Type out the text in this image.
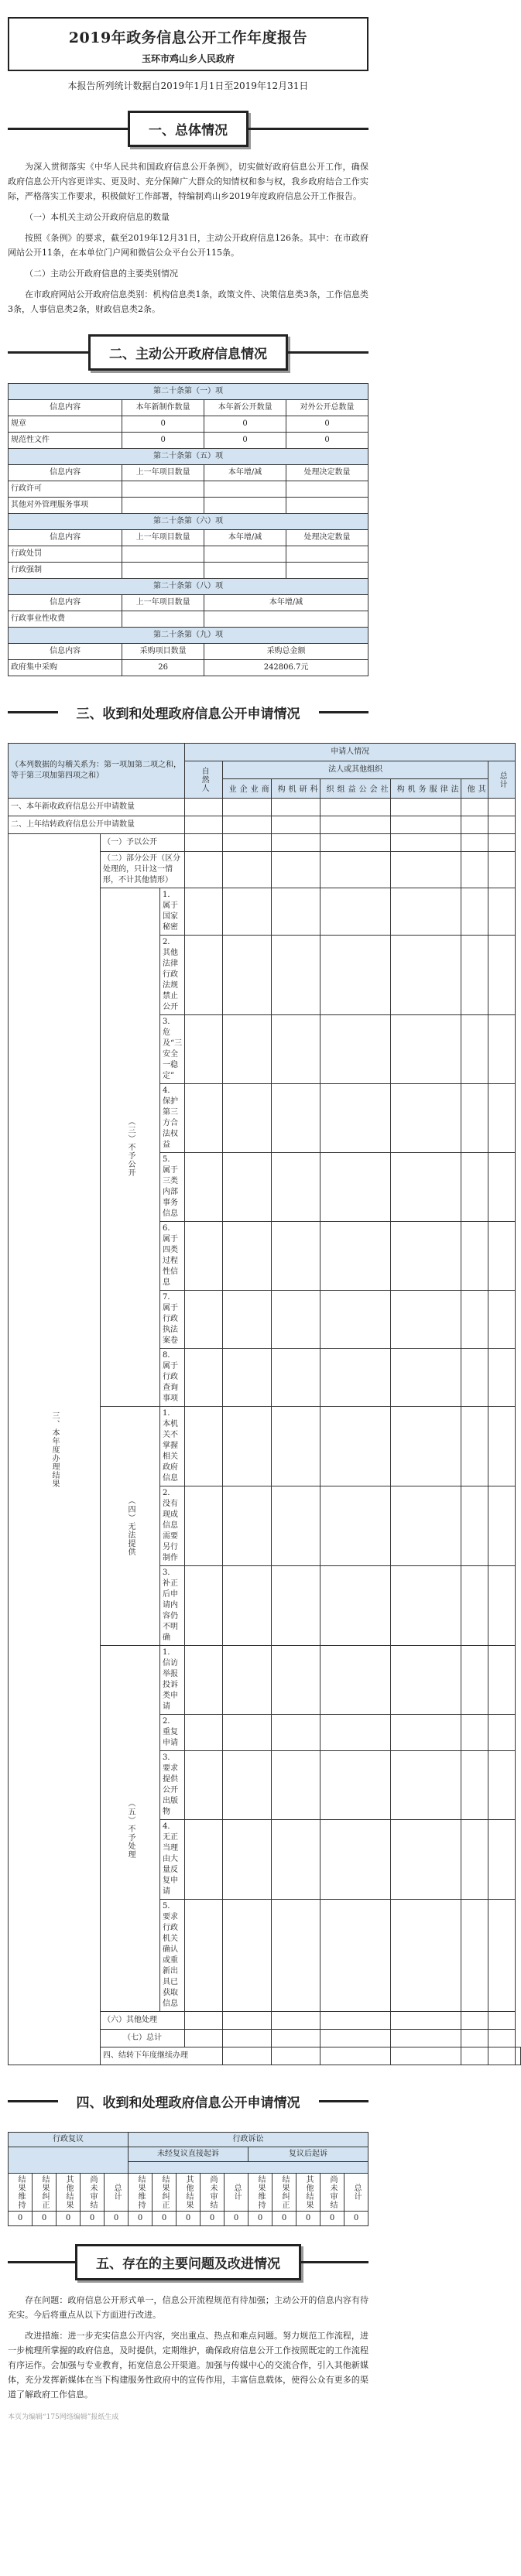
2019年政务信息公开工作年度报告
玉环市鸡山乡人民政府
本报告所列统计数据自2019年1月1日至2019年12月31日
一、总体情况

为深入贯彻落实《中华人民共和国政府信息公开条例》，切实做好政府信息公开工作，确保政府信息公开内容更详实、更及时、充分保障广大群众的知情权和参与权，我乡政府结合工作实际，严格落实工作要求，积极做好工作部署，特编制鸡山乡2019年度政府信息公开工作报告。

（一）本机关主动公开政府信息的数量

按照《条例》的要求，截至2019年12月31日，主动公开政府信息126条。其中：在市政府网站公开11条，在本单位门户网和微信公众平台公开115条。

（二）主动公开政府信息的主要类别情况

在市政府网站公开政府信息类别：机构信息类1条，政策文件、决策信息类3条，工作信息类3条，人事信息类2条，财政信息类2条。

二、主动公开政府信息情况
第二十条第（一）项			
信息内容	本年新制作数量	本年新公开数量	对外公开总数量
规章	0	0	0
规范性文件	0	0	0
第二十条第（五）项			
信息内容	上一年项目数量	本年增/减	处理决定数量
行政许可			
其他对外管理服务事项			
第二十条第（六）项			
信息内容	上一年项目数量	本年增/减	处理决定数量
行政处罚			
行政强制			
第二十条第（八）项			
信息内容	上一年项目数量	本年增/减	
行政事业性收费			
第二十条第（九）项			
信息内容	采购项目数量	采购总金额	
政府集中采购	26	242806.7元	
三、收到和处理政府信息公开申请情况
（本列数据的勾稽关系为：第一项加第二项之和，等于第三项加第四项之和）			申请人情况							
			自然人	法人或其他组织					总计	
				商业企业	科研机构	社会公益组织	法律服务机构	其他		
一、本年新收政府信息公开申请数量										
二、上年结转政府信息公开申请数量										
三、本年度办理结果	（一）予以公开									
	（二）部分公开（区分处理的，只计这一情形，不计其他情形）									
	（三）不予公开	1．属于国家秘密								
		2．其他法律行政法规禁止公开								
		3．危及“三安全一稳定”								
		4．保护第三方合法权益								
		5．属于三类内部事务信息								
		6．属于四类过程性信息								
		7．属于行政执法案卷								
		8．属于行政查询事项								
	（四）无法提供	1．本机关不掌握相关政府信息								
		2．没有现成信息需要另行制作								
		3．补正后申请内容仍不明确								
	（五）不予处理	1．信访举报投诉类申请								
		2．重复申请								
		3．要求提供公开出版物								
		4．无正当理由大量反复申请								
		5．要求行政机关确认或重新出具已获取信息								
	（六）其他处理									
	（七）总计									
	四、结转下年度继续办理									
四、收到和处理政府信息公开申请情况
行政复议					行政诉讼									
					未经复议直接起诉					复议后起诉				

结果维持	结果纠正	其他结果	尚未审结	总计	结果维持	结果纠正	其他结果	尚未审结	总计	结果维持	结果纠正	其他结果	尚未审结	总计
0	0	0	0	0	0	0	0	0	0	0	0	0	0	0
五、存在的主要问题及改进情况

存在问题：政府信息公开形式单一，信息公开流程规范有待加强；主动公开的信息内容有待充实。今后将重点从以下方面进行改进。

改进措施：进一步充实信息公开内容，突出重点、热点和难点问题。努力规范工作流程，进一步梳理所掌握的政府信息，及时提供，定期维护，确保政府信息公开工作按照既定的工作流程有序运作。会加强与专业教育，拓宽信息公开渠道。加强与传媒中心的交流合作，引入其他新媒体，充分发挥新媒体在当下构建服务性政府中的宣传作用，丰富信息载体，使得公众有更多的渠道了解政府工作信息。

本页为编辑“175网络编辑”报纸生成
